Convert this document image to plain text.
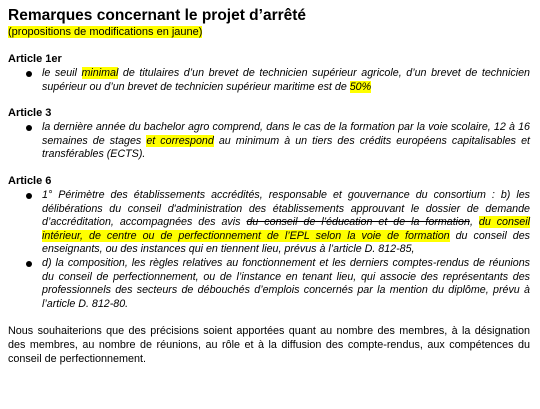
Remarques concernant le projet d’arrêté

(propositions de modifications en jaune)

Article 1er
le seuil minimal de titulaires d’un brevet de technicien supérieur agricole, d’un brevet de technicien supérieur ou d’un brevet de technicien supérieur maritime est de 50%
Article 3
la dernière année du bachelor agro comprend, dans le cas de la formation par la voie scolaire, 12 à 16 semaines de stages et correspond au minimum à un tiers des crédits européens capitalisables et transférables (ECTS).
Article 6
1° Périmètre des établissements accrédités, responsable et gouvernance du consortium : b) les délibérations du conseil d'administration des établissements approuvant le dossier de demande d’accréditation, accompagnées des avis du conseil de l’éducation et de la formation, du conseil intérieur, de centre ou de perfectionnement de l’EPL selon la voie de formation du conseil des enseignants, ou des instances qui en tiennent lieu, prévus à l’article D. 812-85,
d) la composition, les règles relatives au fonctionnement et les derniers comptes-rendus de réunions du conseil de perfectionnement, ou de l’instance en tenant lieu, qui associe des représentants des professionnels des secteurs de débouchés d’emplois concernés par la mention du diplôme, prévu à l’article D. 812-80.

Nous souhaiterions que des précisions soient apportées quant au nombre des membres, à la désignation des membres, au nombre de réunions, au rôle et à la diffusion des compte-rendus, aux compétences du conseil de perfectionnement.
